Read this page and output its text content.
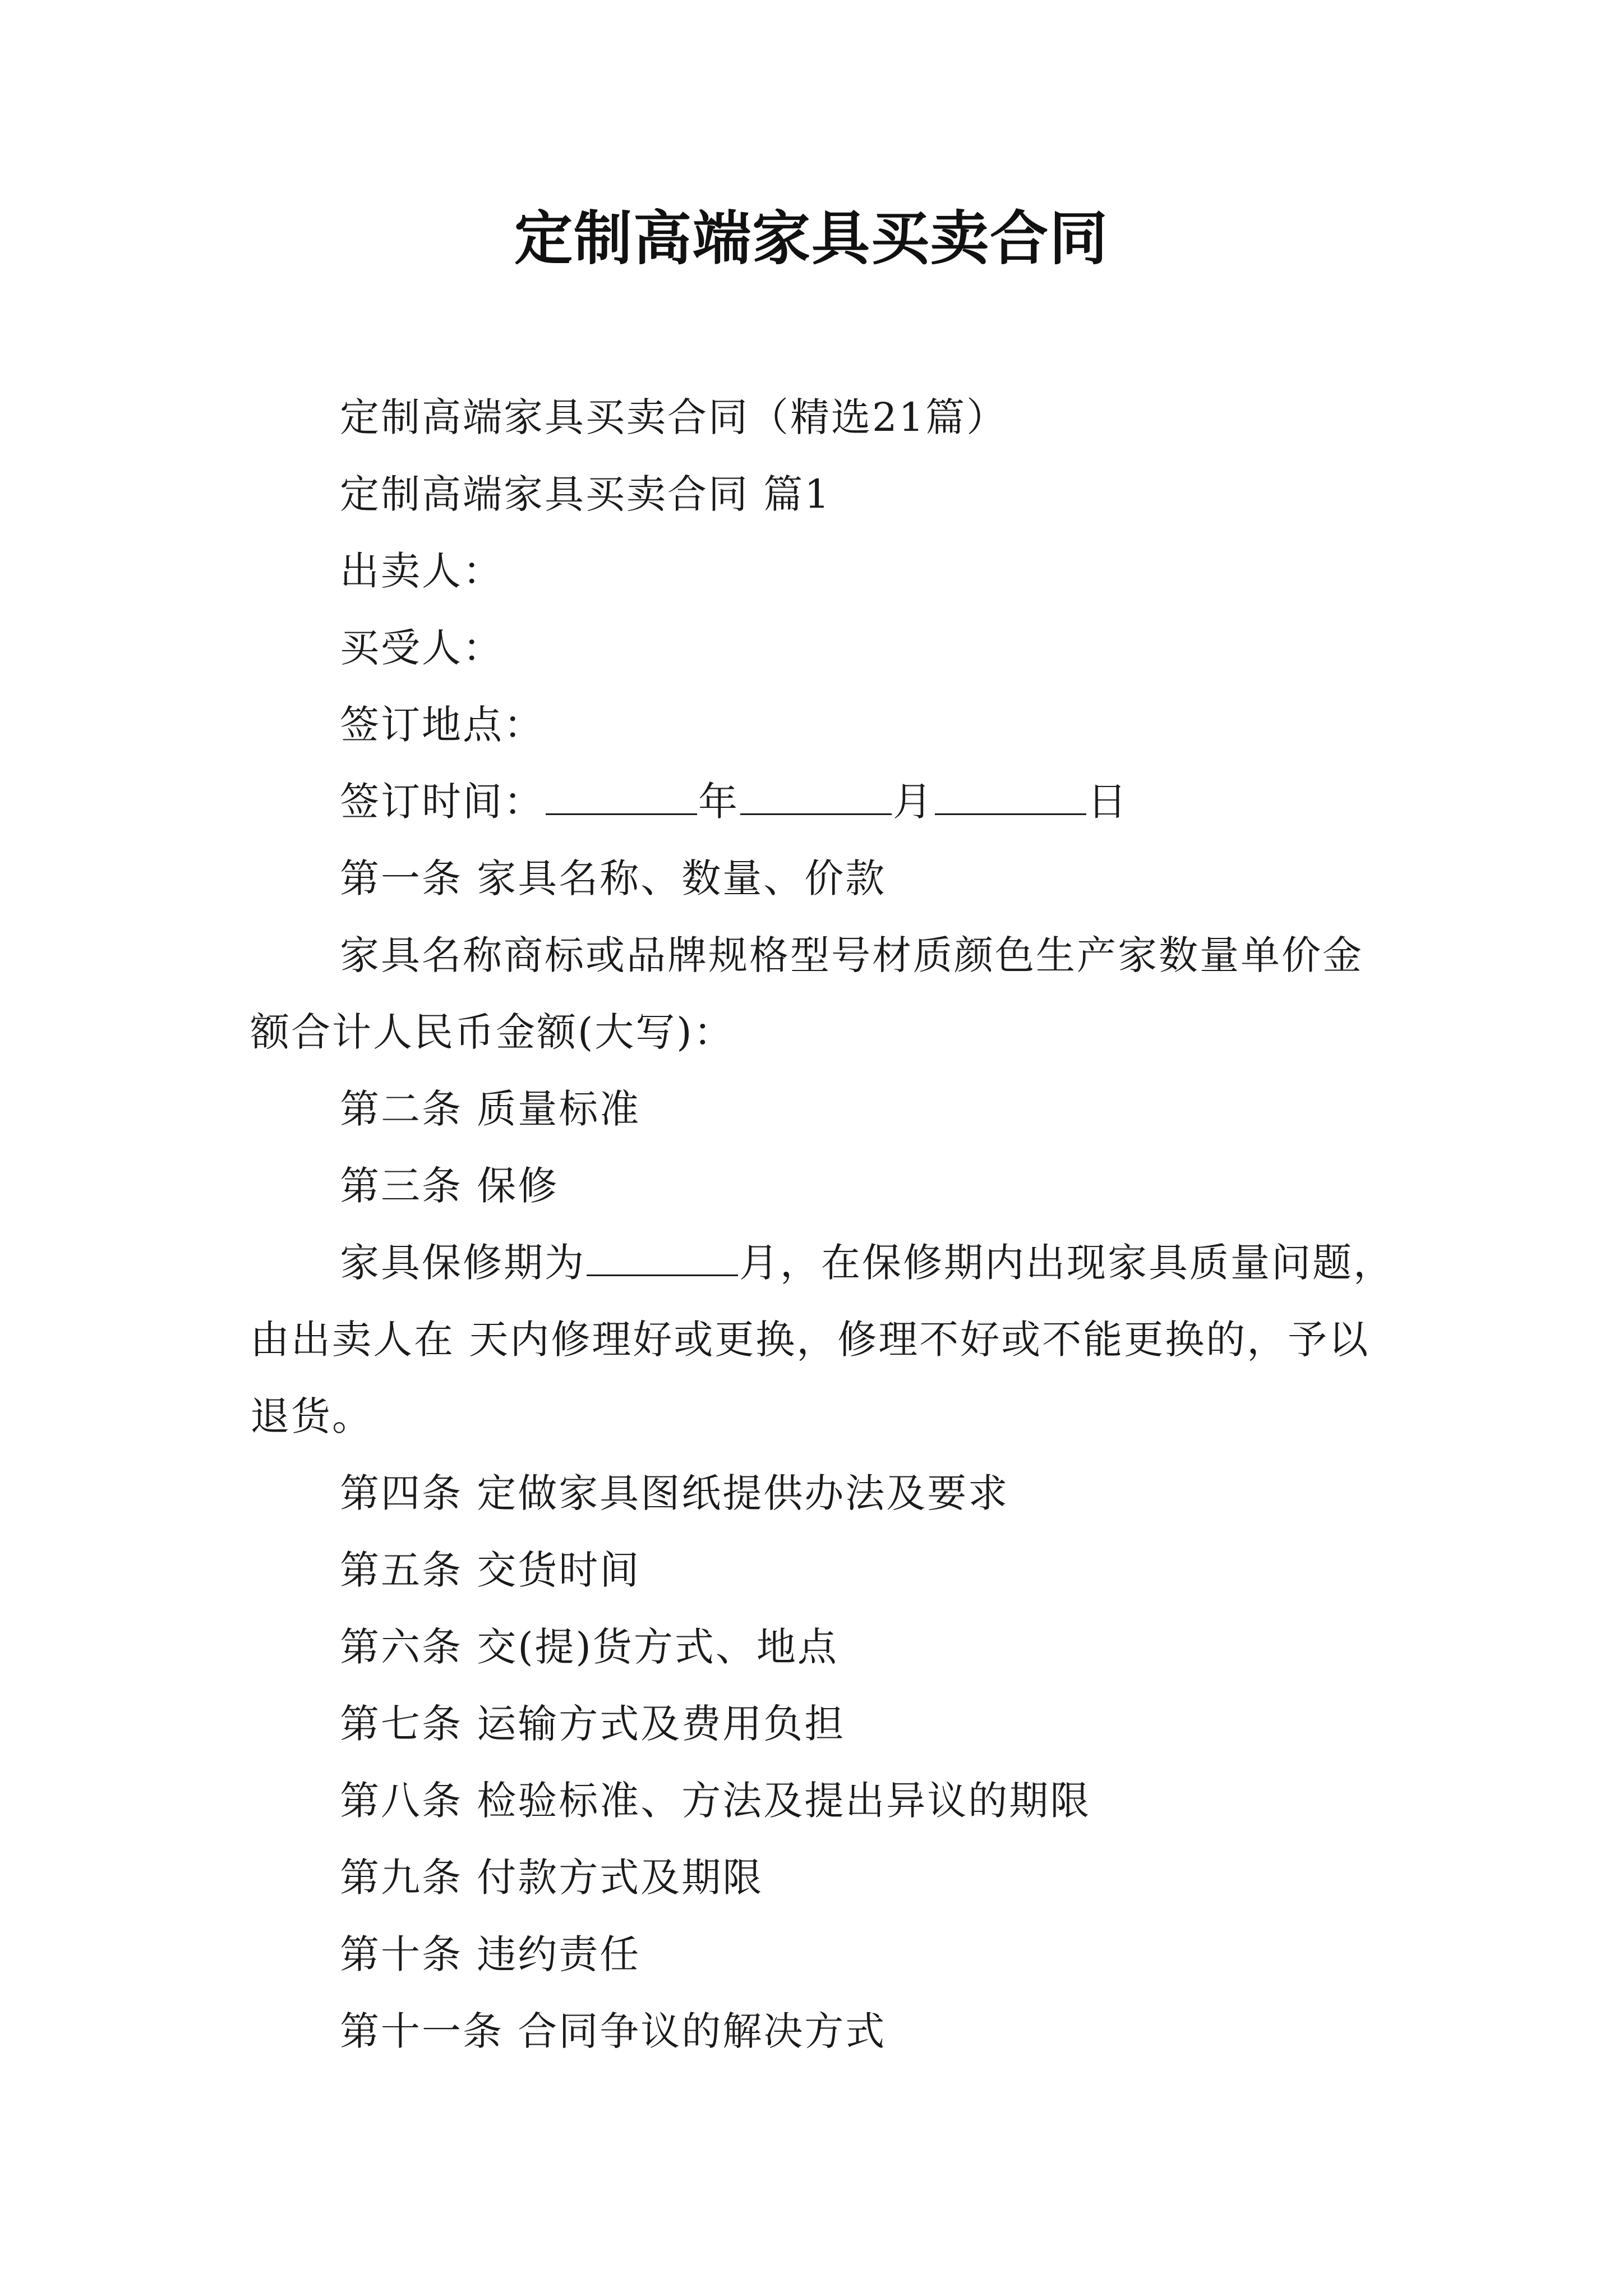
定制高端家具买卖合同

定制高端家具买卖合同（精选21篇）

定制高端家具买卖合同 篇1

出卖人：

买受人：

签订地点：

签订时间：	年	月	日

第一条 家具名称、数量、价款

家具名称商标或品牌规格型号材质颜色生产家数量单价金额合计人民币金额(大写)：

第二条 质量标准

第三条 保修

家具保修期为	月，在保修期内出现家具质量问题，由出卖人在 天内修理好或更换，修理不好或不能更换的，予以退货。

第四条 定做家具图纸提供办法及要求

第五条 交货时间

第六条 交(提)货方式、地点

第七条 运输方式及费用负担

第八条 检验标准、方法及提出异议的期限

第九条 付款方式及期限

第十条 违约责任

第十一条 合同争议的解决方式
